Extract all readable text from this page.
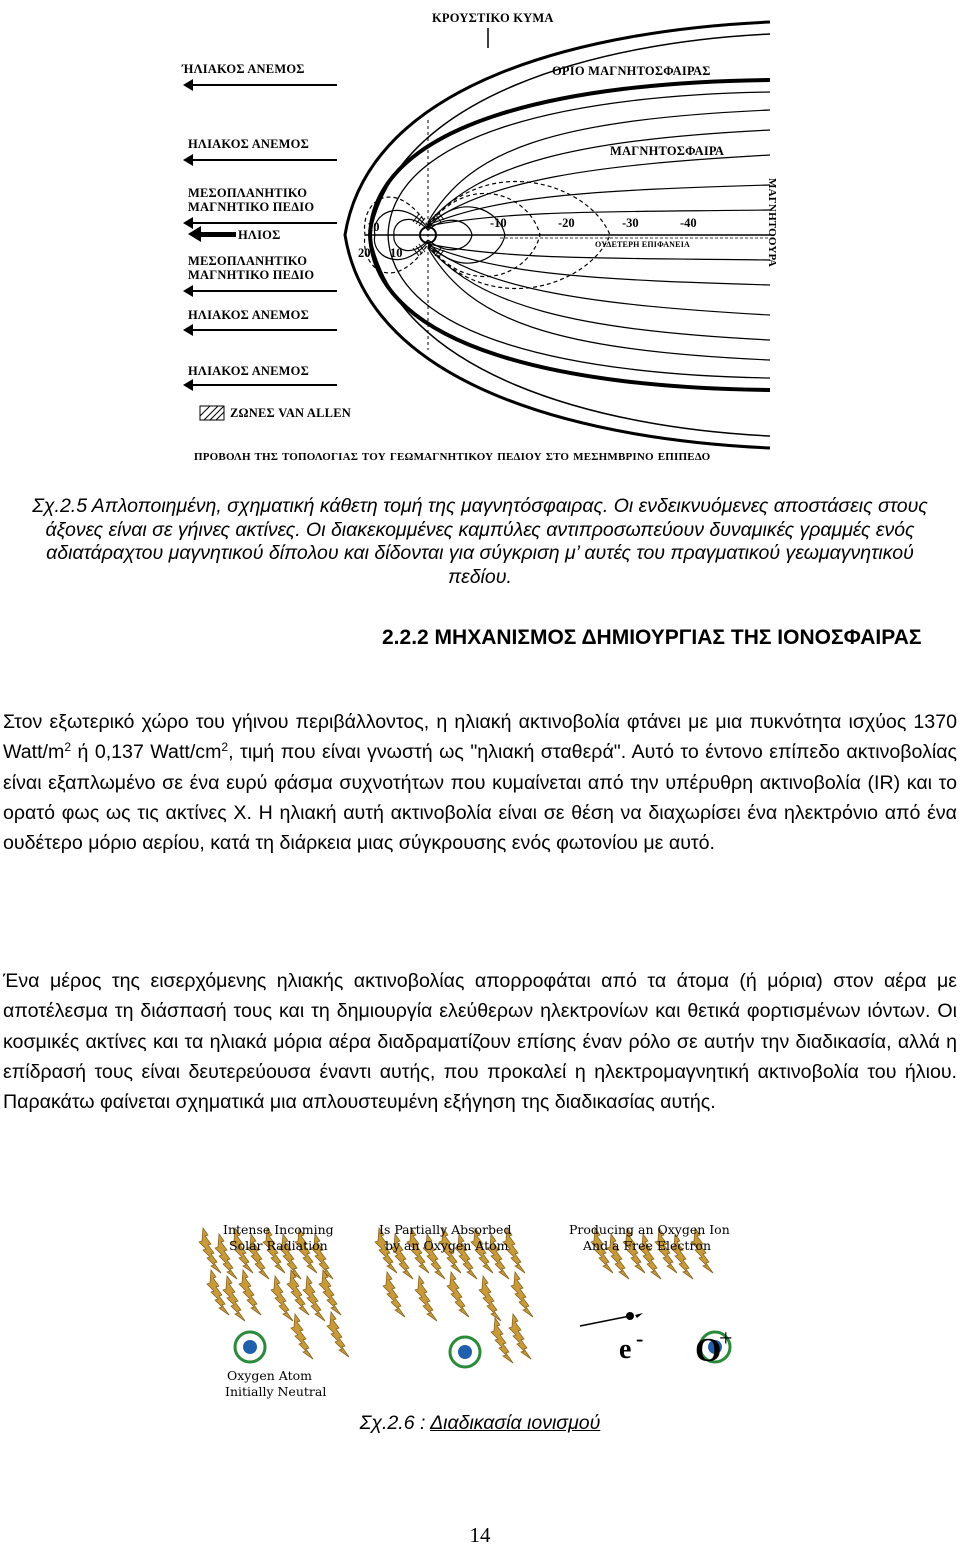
ΚΡΟΥΣΤΙΚΟ ΚΥΜΑ
ΉΛΙΑΚΟΣ ΑΝΕΜΟΣ	ΟΡΙΟ ΜΑΓΝΗΤΟΣΦΑΙΡΑΣ
ΗΛΙΑΚΟΣ ΑΝΕΜΟΣ	ΜΑΓΝΗΤΟΣΦΑΙΡΑ
ΜΕΣΟΠΛΑΝΗΤΙΚΟ
ΜΑΓΝΗΤΙΚΟ ΠΕΔΙΟ
ΗΛΙΟΣ
ΜΕΣΟΠΛΑΝΗΤΙΚΟ
ΜΑΓΝΗΤΙΚΟ ΠΕΔΙΟ
ΗΛΙΑΚΟΣ ΑΝΕΜΟΣ
ΗΛΙΑΚΟΣ ΑΝΕΜΟΣ
ΜΑΓΝΗΤΟΟΥΡΑ
ΟΥΔΕΤΕΡΗ ΕΠΙΦΑΝΕΙΑ
10
20 10
-10	-20	-30	-40
ΖΩΝΕΣ VAN ALLEN
ΠΡΟΒΟΛΗ ΤΗΣ ΤΟΠΟΛΟΓΙΑΣ ΤΟΥ ΓΕΩΜΑΓΝΗΤΙΚΟΥ ΠΕΔΙΟΥ ΣΤΟ ΜΕΣΗΜΒΡΙΝΟ ΕΠΙΠΕΔΟ
Σχ.2.5 Απλοποιημένη, σχηματική κάθετη τομή της μαγνητόσφαιρας. Οι ενδεικνυόμενες αποστάσεις στους άξονες είναι σε γήινες ακτίνες. Οι διακεκομμένες καμπύλες αντιπροσωπεύουν δυναμικές γραμμές ενός αδιατάραχτου μαγνητικού δίπολου και δίδονται για σύγκριση μ’ αυτές του πραγματικού γεωμαγνητικού πεδίου.
2.2.2 ΜΗΧΑΝΙΣΜΟΣ ΔΗΜΙΟΥΡΓΙΑΣ ΤΗΣ ΙΟΝΟΣΦΑΙΡΑΣ

Στον εξωτερικό χώρο του γήινου περιβάλλοντος, η ηλιακή ακτινοβολία φτάνει με μια πυκνότητα ισχύος 1370 Watt/$m^2$ ή 0,137 Watt/$cm^2$, τιμή που είναι γνωστή ως "ηλιακή σταθερά". Αυτό το έντονο επίπεδο ακτινοβολίας είναι εξαπλωμένο σε ένα ευρύ φάσμα συχνοτήτων που κυμαίνεται από την υπέρυθρη ακτινοβολία (IR) και το ορατό φως ως τις ακτίνες Χ. Η ηλιακή αυτή ακτινοβολία είναι σε θέση να διαχωρίσει ένα ηλεκτρόνιο από ένα ουδέτερο μόριο αερίου, κατά τη διάρκεια μιας σύγκρουσης ενός φωτονίου με αυτό.

Ένα μέρος της εισερχόμενης ηλιακής ακτινοβολίας απορροφάται από τα άτομα (ή μόρια) στον αέρα με αποτέλεσμα τη διάσπασή τους και τη δημιουργία ελεύθερων ηλεκτρονίων και θετικά φορτισμένων ιόντων. Οι κοσμικές ακτίνες και τα ηλιακά μόρια αέρα διαδραματίζουν επίσης έναν ρόλο σε αυτήν την διαδικασία, αλλά η επίδρασή τους είναι δευτερεύουσα έναντι αυτής, που προκαλεί η ηλεκτρομαγνητική ακτινοβολία του ήλιου. Παρακάτω φαίνεται σχηματικά μια απλουστευμένη εξήγηση της διαδικασίας αυτής.

Intense Incoming
Solar Radiation
Is Partially Absorbed
by an Oxygen Atom
Producing an Oxygen Ion
And a Free Electron
Oxygen Atom
Initially Neutral
e - O
+
Σχ.2.6 : Διαδικασία ιονισμού
14
